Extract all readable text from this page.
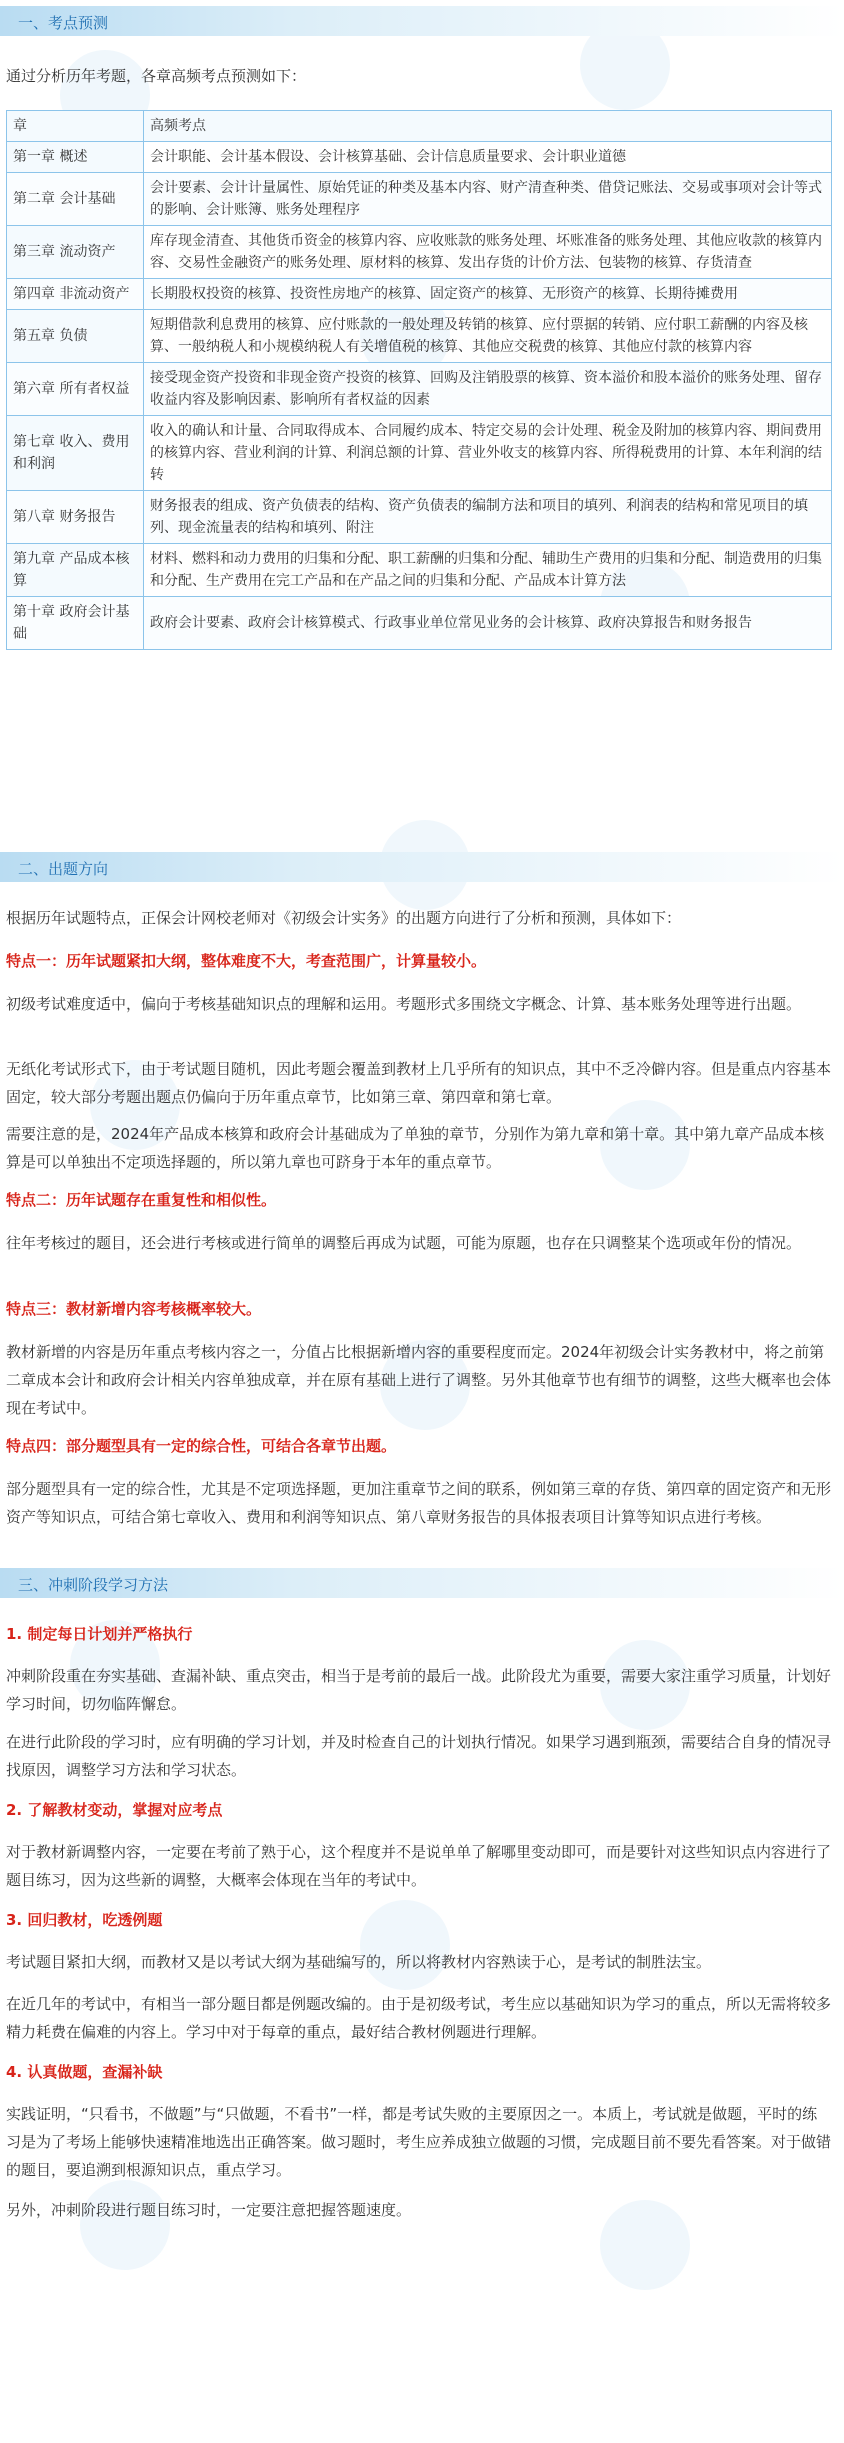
一、考点预测

通过分析历年考题，各章高频考点预测如下：

章	高频考点
第一章 概述	会计职能、会计基本假设、会计核算基础、会计信息质量要求、会计职业道德
第二章 会计基础	会计要素、会计计量属性、原始凭证的种类及基本内容、财产清查种类、借贷记账法、交易或事项对会计等式的影响、会计账簿、账务处理程序
第三章 流动资产	库存现金清查、其他货币资金的核算内容、应收账款的账务处理、坏账准备的账务处理、其他应收款的核算内容、交易性金融资产的账务处理、原材料的核算、发出存货的计价方法、包装物的核算、存货清查
第四章 非流动资产	长期股权投资的核算、投资性房地产的核算、固定资产的核算、无形资产的核算、长期待摊费用
第五章 负债	短期借款利息费用的核算、应付账款的一般处理及转销的核算、应付票据的转销、应付职工薪酬的内容及核算、一般纳税人和小规模纳税人有关增值税的核算、其他应交税费的核算、其他应付款的核算内容
第六章 所有者权益	接受现金资产投资和非现金资产投资的核算、回购及注销股票的核算、资本溢价和股本溢价的账务处理、留存收益内容及影响因素、影响所有者权益的因素
第七章 收入、费用和利润	收入的确认和计量、合同取得成本、合同履约成本、特定交易的会计处理、税金及附加的核算内容、期间费用的核算内容、营业利润的计算、利润总额的计算、营业外收支的核算内容、所得税费用的计算、本年利润的结转
第八章 财务报告	财务报表的组成、资产负债表的结构、资产负债表的编制方法和项目的填列、利润表的结构和常见项目的填列、现金流量表的结构和填列、附注
第九章 产品成本核算	材料、燃料和动力费用的归集和分配、职工薪酬的归集和分配、辅助生产费用的归集和分配、制造费用的归集和分配、生产费用在完工产品和在产品之间的归集和分配、产品成本计算方法
第十章 政府会计基础	政府会计要素、政府会计核算模式、行政事业单位常见业务的会计核算、政府决算报告和财务报告
二、出题方向

根据历年试题特点，正保会计网校老师对《初级会计实务》的出题方向进行了分析和预测，具体如下：

特点一：历年试题紧扣大纲，整体难度不大，考查范围广，计算量较小。

初级考试难度适中，偏向于考核基础知识点的理解和运用。考题形式多围绕文字概念、计算、基本账务处理等进行出题。

无纸化考试形式下，由于考试题目随机，因此考题会覆盖到教材上几乎所有的知识点，其中不乏冷僻内容。但是重点内容基本固定，较大部分考题出题点仍偏向于历年重点章节，比如第三章、第四章和第七章。

需要注意的是，2024年产品成本核算和政府会计基础成为了单独的章节，分别作为第九章和第十章。其中第九章产品成本核算是可以单独出不定项选择题的，所以第九章也可跻身于本年的重点章节。

特点二：历年试题存在重复性和相似性。

往年考核过的题目，还会进行考核或进行简单的调整后再成为试题，可能为原题，也存在只调整某个选项或年份的情况。

特点三：教材新增内容考核概率较大。

教材新增的内容是历年重点考核内容之一，分值占比根据新增内容的重要程度而定。2024年初级会计实务教材中，将之前第二章成本会计和政府会计相关内容单独成章，并在原有基础上进行了调整。另外其他章节也有细节的调整，这些大概率也会体现在考试中。

特点四：部分题型具有一定的综合性，可结合各章节出题。

部分题型具有一定的综合性，尤其是不定项选择题，更加注重章节之间的联系，例如第三章的存货、第四章的固定资产和无形资产等知识点，可结合第七章收入、费用和利润等知识点、第八章财务报告的具体报表项目计算等知识点进行考核。

三、冲刺阶段学习方法

1. 制定每日计划并严格执行

冲刺阶段重在夯实基础、查漏补缺、重点突击，相当于是考前的最后一战。此阶段尤为重要，需要大家注重学习质量，计划好学习时间，切勿临阵懈怠。

在进行此阶段的学习时，应有明确的学习计划，并及时检查自己的计划执行情况。如果学习遇到瓶颈，需要结合自身的情况寻找原因，调整学习方法和学习状态。

2. 了解教材变动，掌握对应考点

对于教材新调整内容，一定要在考前了熟于心，这个程度并不是说单单了解哪里变动即可，而是要针对这些知识点内容进行了题目练习，因为这些新的调整，大概率会体现在当年的考试中。

3. 回归教材，吃透例题

考试题目紧扣大纲，而教材又是以考试大纲为基础编写的，所以将教材内容熟读于心，是考试的制胜法宝。

在近几年的考试中，有相当一部分题目都是例题改编的。由于是初级考试，考生应以基础知识为学习的重点，所以无需将较多精力耗费在偏难的内容上。学习中对于每章的重点，最好结合教材例题进行理解。

4. 认真做题，查漏补缺

实践证明，“只看书，不做题”与“只做题，不看书”一样，都是考试失败的主要原因之一。本质上，考试就是做题，平时的练习是为了考场上能够快速精准地选出正确答案。做习题时，考生应养成独立做题的习惯，完成题目前不要先看答案。对于做错的题目，要追溯到根源知识点，重点学习。

另外，冲刺阶段进行题目练习时，一定要注意把握答题速度。
